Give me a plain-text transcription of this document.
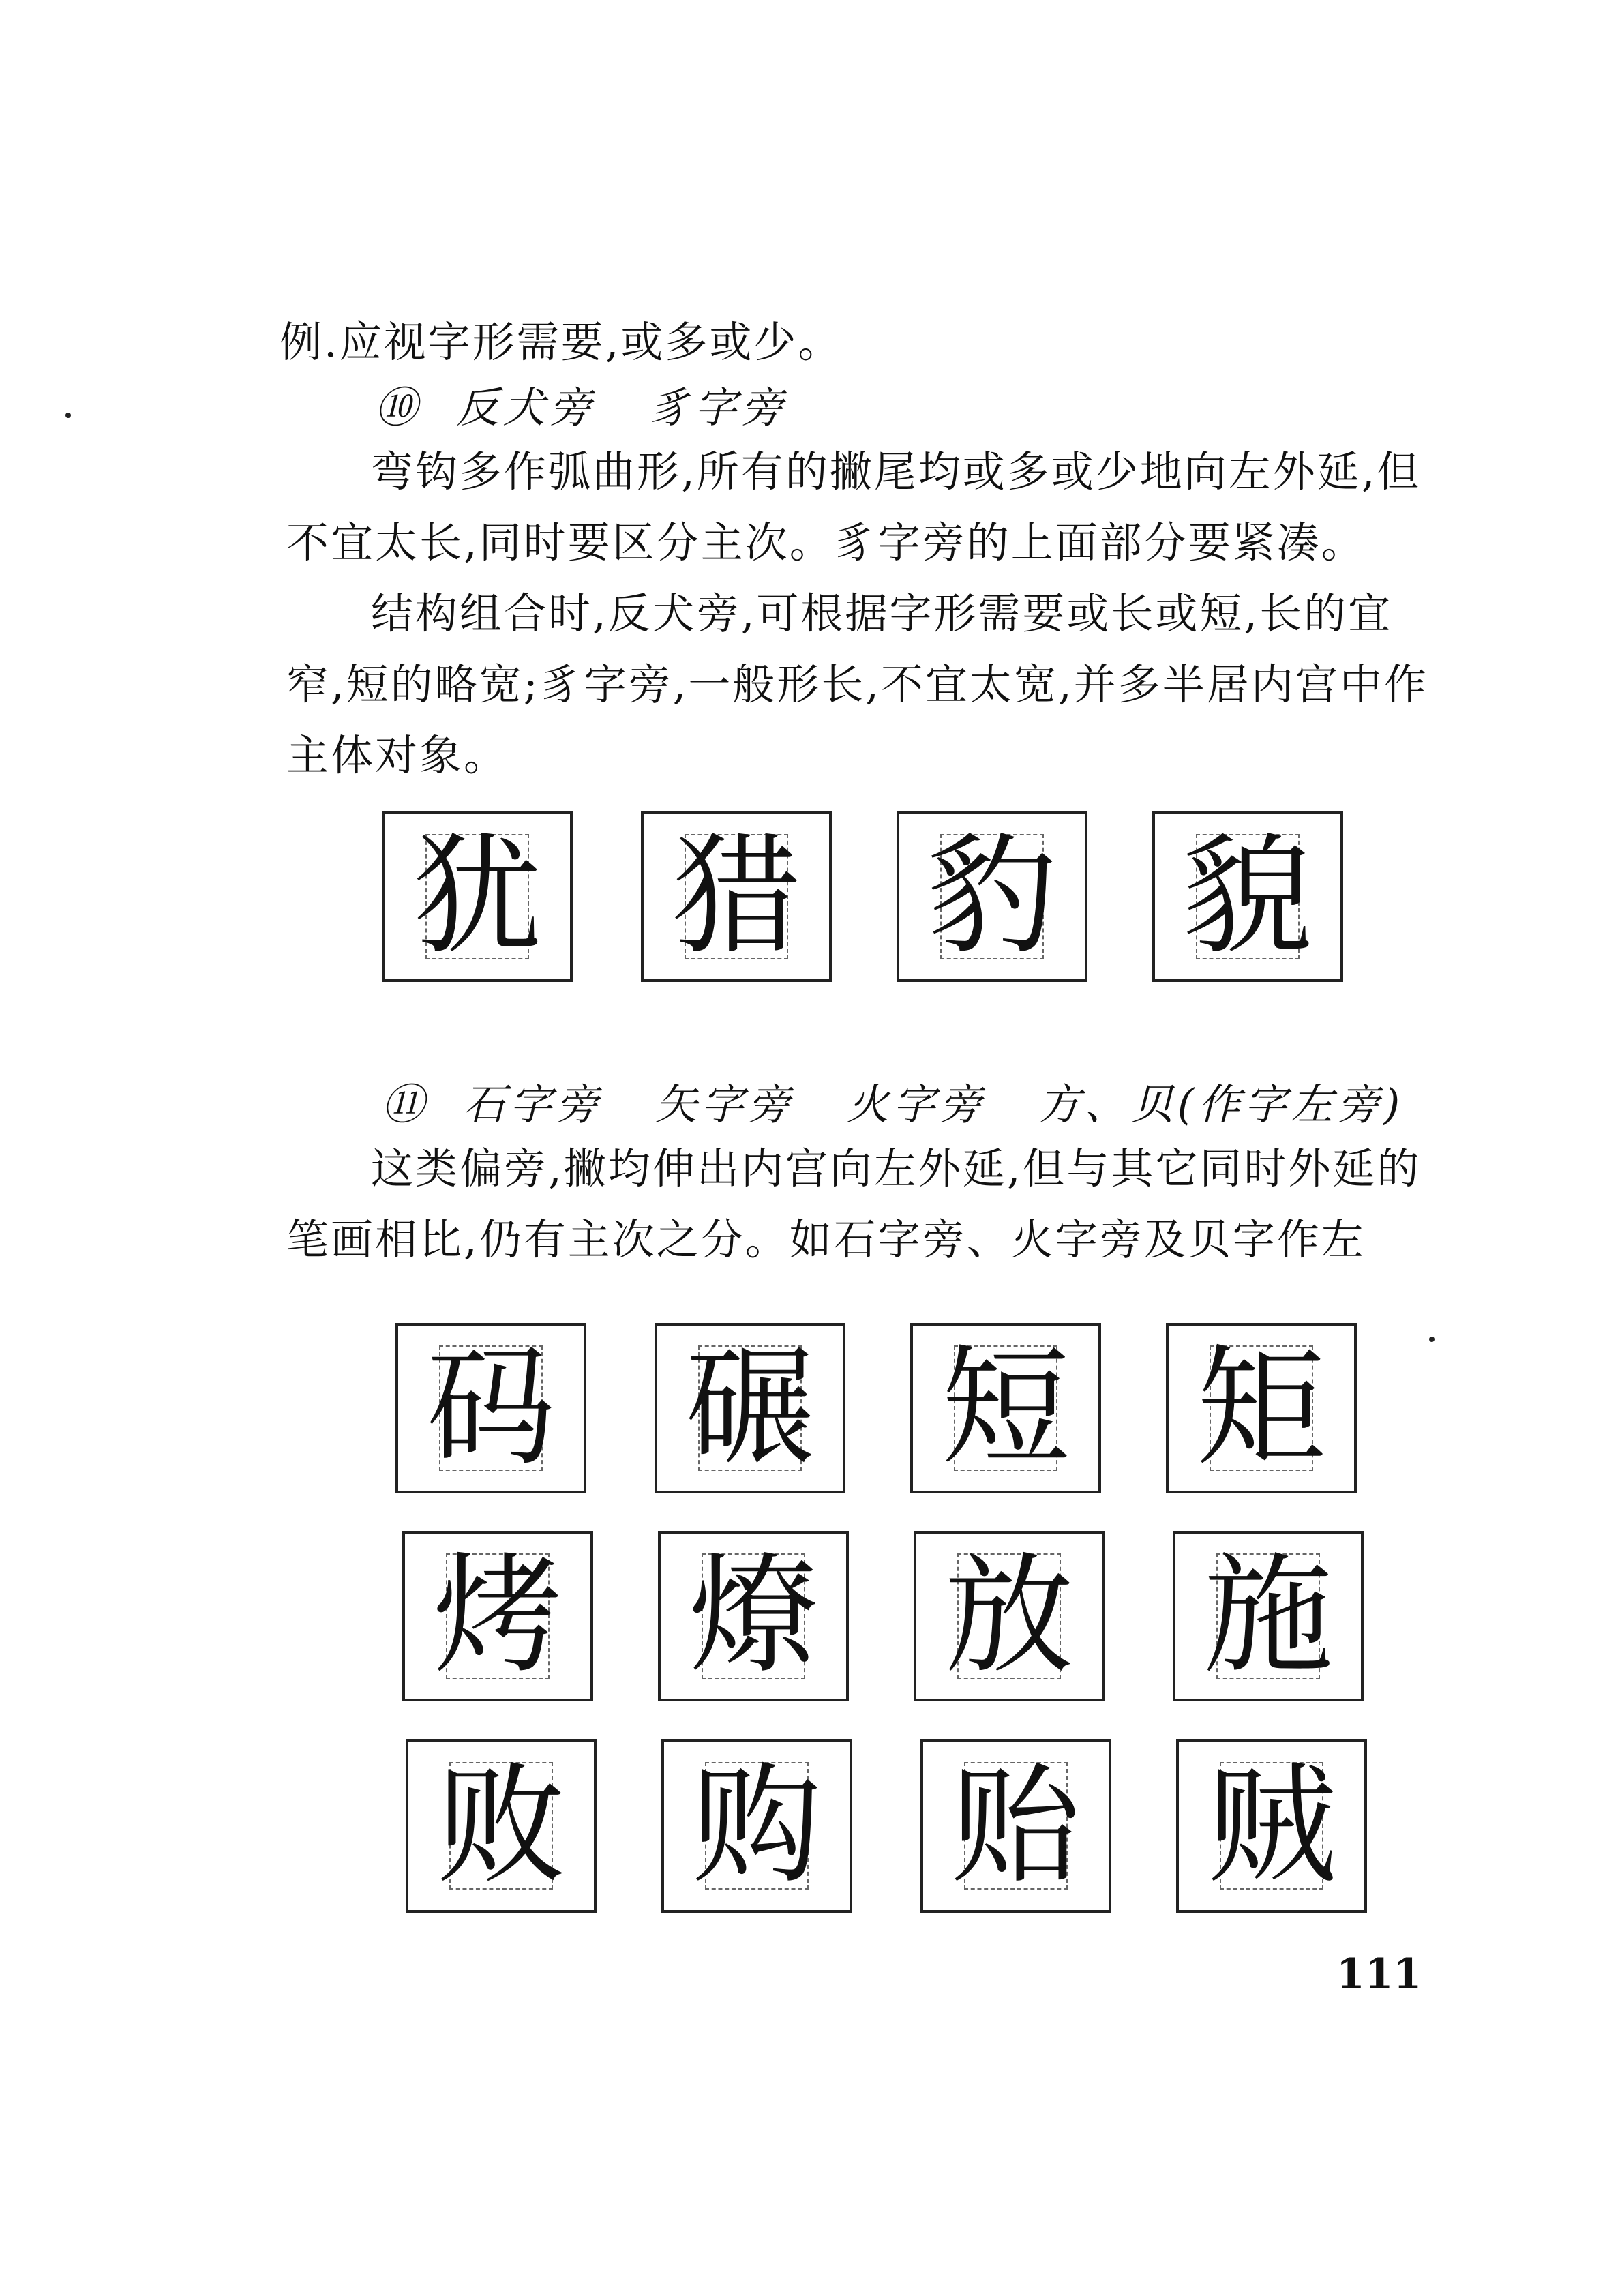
例.应视字形需要,或多或少。

⑩  反犬旁   豸字旁

弯钩多作弧曲形,所有的撇尾均或多或少地向左外延,但不宜太长,同时要区分主次。豸字旁的上面部分要紧凑。

结构组合时,反犬旁,可根据字形需要或长或短,长的宜窄,短的略宽;豸字旁,一般形长,不宜太宽,并多半居内宫中作主体对象。

犹 猎 豹 貌
⑪  石字旁   矢字旁   火字旁   方、贝(作字左旁)

这类偏旁,撇均伸出内宫向左外延,但与其它同时外延的笔画相比,仍有主次之分。如石字旁、火字旁及贝字作左

码 碾 短 矩
烤 燎 放 施
败 购 贻 贼
111
